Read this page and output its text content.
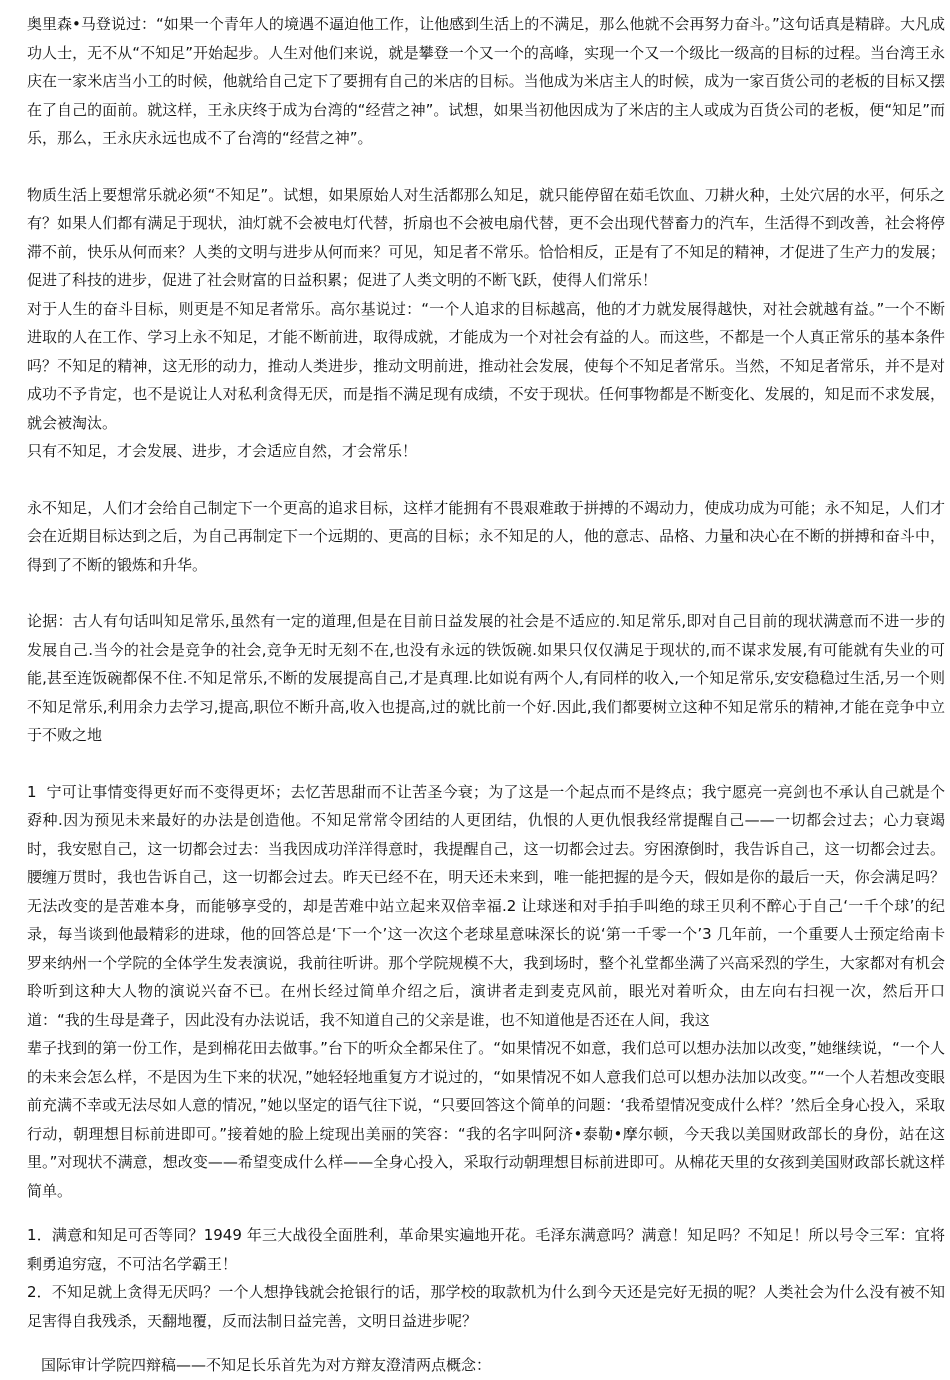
奥里森•马登说过：“如果一个青年人的境遇不逼迫他工作，让他感到生活上的不满足，那么他就不会再努力奋斗。”这句话真是精辟。大凡成功人士，无不从“不知足”开始起步。人生对他们来说，就是攀登一个又一个的高峰，实现一个又一个级比一级高的目标的过程。当台湾王永庆在一家米店当小工的时候，他就给自己定下了要拥有自己的米店的目标。当他成为米店主人的时候，成为一家百货公司的老板的目标又摆在了自己的面前。就这样，王永庆终于成为台湾的“经营之神”。试想，如果当初他因成为了米店的主人或成为百货公司的老板，便“知足”而乐，那么，王永庆永远也成不了台湾的“经营之神”。

物质生活上要想常乐就必须“不知足”。试想，如果原始人对生活都那么知足，就只能停留在茹毛饮血、刀耕火种，土处穴居的水平，何乐之有？如果人们都有满足于现状，油灯就不会被电灯代替，折扇也不会被电扇代替，更不会出现代替畜力的汽车，生活得不到改善，社会将停滞不前，快乐从何而来？人类的文明与进步从何而来？可见，知足者不常乐。恰恰相反，正是有了不知足的精神，才促进了生产力的发展；促进了科技的进步，促进了社会财富的日益积累；促进了人类文明的不断飞跃，使得人们常乐！

对于人生的奋斗目标，则更是不知足者常乐。高尔基说过：“一个人追求的目标越高，他的才力就发展得越快，对社会就越有益。”一个不断进取的人在工作、学习上永不知足，才能不断前进，取得成就，才能成为一个对社会有益的人。而这些，不都是一个人真正常乐的基本条件吗？不知足的精神，这无形的动力，推动人类进步，推动文明前进，推动社会发展，使每个不知足者常乐。当然，不知足者常乐，并不是对成功不予肯定，也不是说让人对私利贪得无厌，而是指不满足现有成绩，不安于现状。任何事物都是不断变化、发展的，知足而不求发展，就会被淘汰。

只有不知足，才会发展、进步，才会适应自然，才会常乐！

永不知足，人们才会给自己制定下一个更高的追求目标，这样才能拥有不畏艰难敢于拼搏的不竭动力，使成功成为可能；永不知足，人们才会在近期目标达到之后，为自己再制定下一个远期的、更高的目标；永不知足的人，他的意志、品格、力量和决心在不断的拼搏和奋斗中，得到了不断的锻炼和升华。

论据：古人有句话叫知足常乐,虽然有一定的道理,但是在目前日益发展的社会是不适应的.知足常乐,即对自己目前的现状满意而不进一步的发展自己.当今的社会是竞争的社会,竞争无时无刻不在,也没有永远的铁饭碗.如果只仅仅满足于现状的,而不谋求发展,有可能就有失业的可能,甚至连饭碗都保不住.不知足常乐,不断的发展提高自己,才是真理.比如说有两个人,有同样的收入,一个知足常乐,安安稳稳过生活,另一个则不知足常乐,利用余力去学习,提高,职位不断升高,收入也提高,过的就比前一个好.因此,我们都要树立这种不知足常乐的精神,才能在竞争中立于不败之地

1  宁可让事情变得更好而不变得更坏；去忆苦思甜而不让苦圣今衰；为了这是一个起点而不是终点；我宁愿亮一亮剑也不承认自己就是个孬种.因为预见未来最好的办法是创造他。不知足常常令团结的人更团结，仇恨的人更仇恨我经常提醒自己——一切都会过去；心力衰竭时，我安慰自己，这一切都会过去：当我因成功洋洋得意时，我提醒自己，这一切都会过去。穷困潦倒时，我告诉自己，这一切都会过去。腰缠万贯时，我也告诉自己，这一切都会过去。昨天已经不在，明天还未来到，唯一能把握的是今天，假如是你的最后一天，你会满足吗？无法改变的是苦难本身，而能够享受的，却是苦难中站立起来双倍幸福.2 让球迷和对手拍手叫绝的球王贝利不醉心于自己‘一千个球’的纪录，每当谈到他最精彩的进球，他的回答总是‘下一个’这一次这个老球星意味深长的说‘第一千零一个’3 几年前，一个重要人士预定给南卡罗来纳州一个学院的全体学生发表演说，我前往听讲。那个学院规模不大，我到场时，整个礼堂都坐满了兴高采烈的学生，大家都对有机会聆听到这种大人物的演说兴奋不已。在州长经过简单介绍之后，演讲者走到麦克风前，眼光对着听众，由左向右扫视一次，然后开口道：“我的生母是聋子，因此没有办法说话，我不知道自己的父亲是谁，也不知道他是否还在人间，我这
辈子找到的第一份工作，是到棉花田去做事。”台下的听众全都呆住了。“如果情况不如意，我们总可以想办法加以改变，”她继续说，“一个人的未来会怎么样，不是因为生下来的状况，”她轻轻地重复方才说过的，“如果情况不如人意我们总可以想办法加以改变。”“一个人若想改变眼前充满不幸或无法尽如人意的情况，”她以坚定的语气往下说，“只要回答这个简单的问题：‘我希望情况变成什么样？’然后全身心投入，采取行动，朝理想目标前进即可。”接着她的脸上绽现出美丽的笑容：“我的名字叫阿济•泰勒•摩尔顿，今天我以美国财政部长的身份，站在这里。”对现状不满意，想改变——希望变成什么样——全身心投入，采取行动朝理想目标前进即可。从棉花天里的女孩到美国财政部长就这样简单。

1．满意和知足可否等同？1949 年三大战役全面胜利，革命果实遍地开花。毛泽东满意吗？满意！知足吗？不知足！所以号令三军：宜将剩勇追穷寇，不可沽名学霸王！

2．不知足就上贪得无厌吗？一个人想挣钱就会抢银行的话，那学校的取款机为什么到今天还是完好无损的呢？人类社会为什么没有被不知足害得自我残杀，天翻地覆，反而法制日益完善，文明日益进步呢？

国际审计学院四辩稿——不知足长乐首先为对方辩友澄清两点概念：
